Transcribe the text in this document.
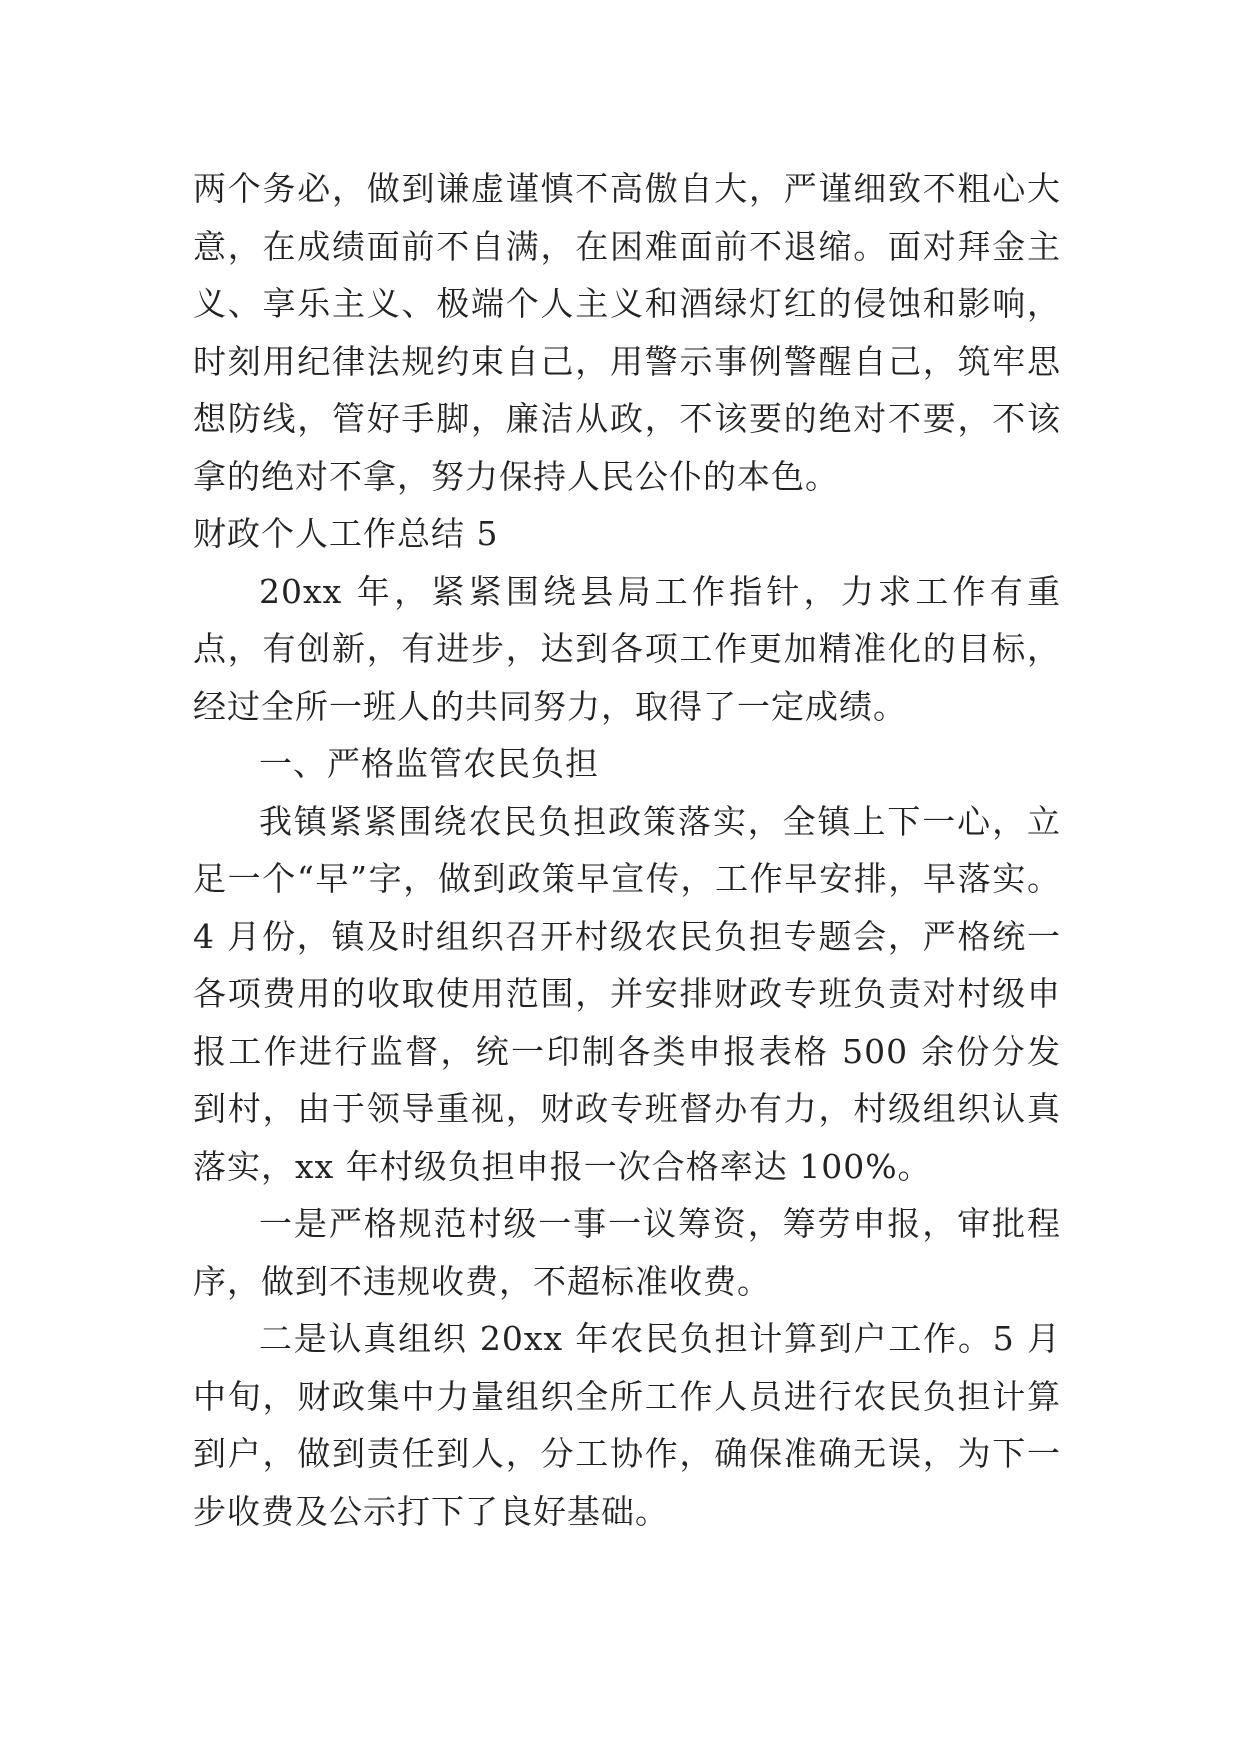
两个务必，做到谦虚谨慎不高傲自大，严谨细致不粗心大意，在成绩面前不自满，在困难面前不退缩。面对拜金主义、享乐主义、极端个人主义和酒绿灯红的侵蚀和影响，时刻用纪律法规约束自己，用警示事例警醒自己，筑牢思想防线，管好手脚，廉洁从政，不该要的绝对不要，不该拿的绝对不拿，努力保持人民公仆的本色。

财政个人工作总结 5

20xx 年，紧紧围绕县局工作指针，力求工作有重点，有创新，有进步，达到各项工作更加精准化的目标，经过全所一班人的共同努力，取得了一定成绩。

一、严格监管农民负担

我镇紧紧围绕农民负担政策落实，全镇上下一心，立足一个“早”字，做到政策早宣传，工作早安排，早落实。4 月份，镇及时组织召开村级农民负担专题会，严格统一各项费用的收取使用范围，并安排财政专班负责对村级申报工作进行监督，统一印制各类申报表格 500 余份分发到村，由于领导重视，财政专班督办有力，村级组织认真落实，xx 年村级负担申报一次合格率达 100%。

一是严格规范村级一事一议筹资，筹劳申报，审批程序，做到不违规收费，不超标准收费。

二是认真组织 20xx 年农民负担计算到户工作。5 月中旬，财政集中力量组织全所工作人员进行农民负担计算到户，做到责任到人，分工协作，确保准确无误，为下一步收费及公示打下了良好基础。
